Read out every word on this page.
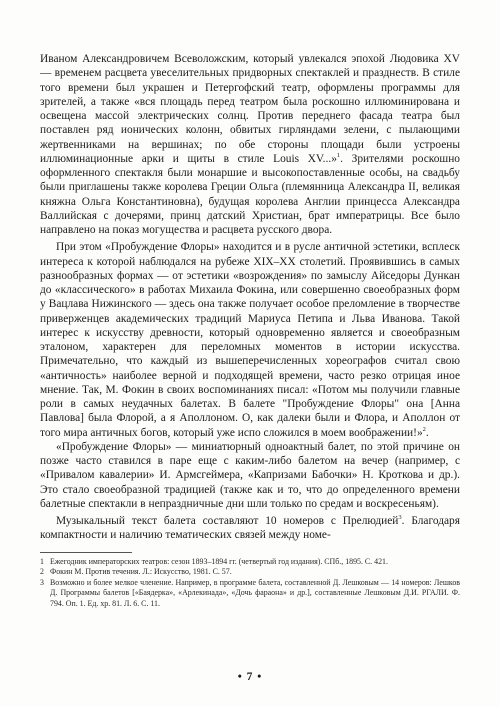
Иваном Александровичем Всеволожским, который увлекался эпохой Людовика XV — временем расцвета увеселительных придворных спектаклей и празднеств. В стиле того времени был украшен и Петергофский театр, оформлены программы для зрителей, а также «вся площадь перед театром была роскошно иллюминирована и освещена массой электрических солнц. Против переднего фасада театра был поставлен ряд ионических колонн, обвитых гирляндами зелени, с пылающими жертвенниками на вершинах; по обе стороны площади были устроены иллюминационные арки и щиты в стиле Louis XV...»$^1$. Зрителями роскошно оформленного спектакля были монаршие и высокопоставленные особы, на свадьбу были приглашены также королева Греции Ольга (племянница Александра II, великая княжна Ольга Константиновна), будущая королева Англии принцесса Александра Валлийская с дочерями, принц датский Христиан, брат императрицы. Все было направлено на показ могущества и расцвета русского двора.

При этом «Пробуждение Флоры» находится и в русле античной эстетики, всплеск интереса к которой наблюдался на рубеже XIX–XX столетий. Проявившись в самых разнообразных формах — от эстетики «возрождения» по замыслу Айседоры Дункан до «классического» в работах Михаила Фокина, или совершенно своеобразных форм у Вацлава Нижинского — здесь она также получает особое преломление в творчестве приверженцев академических традиций Мариуса Петипа и Льва Иванова. Такой интерес к искусству древности, который одновременно является и своеобразным эталоном, характерен для переломных моментов в истории искусства. Примечательно, что каждый из вышеперечисленных хореографов считал свою «античность» наиболее верной и подходящей времени, часто резко отрицая иное мнение. Так, М. Фокин в своих воспоминаниях писал: «Потом мы получили главные роли в самых неудачных балетах. В балете "Пробуждение Флоры" она [Анна Павлова] была Флорой, а я Аполлоном. О, как далеки были и Флора, и Аполлон от того мира античных богов, который уже испо сложился в моем воображении!»$^2$.

«Пробуждение Флоры» — миниатюрный одноактный балет, по этой причине он позже часто ставился в паре еще с каким-либо балетом на вечер (например, с «Привалом кавалерии» И. Армсгеймера, «Капризами Бабочки» Н. Кроткова и др.). Это стало своеобразной традицией (также как и то, что до определенного времени балетные спектакли в непраздничные дни шли только по средам и воскресеньям).

Музыкальный текст балета составляют 10 номеров с Прелюдией$^3$. Благодаря компактности и наличию тематических связей между номе-

1 Ежегодник императорских театров: сезон 1893–1894 гг. (четвертый год издания). СПб., 1895. С. 421.

2 Фокин М. Против течения. Л.: Искусство, 1981. С. 57.

3 Возможно и более мелкое членение. Например, в программе балета, составленной Д. Лешковым — 14 номеров: Лешков Д. Программы балетов [«Баядерка», «Арлекинада», «Дочь фараона» и др.], составленные Лешковым Д.И. РГАЛИ. Ф. 794. Оп. 1. Ед. хр. 81. Л. 6. С. 11.

• 7 •
